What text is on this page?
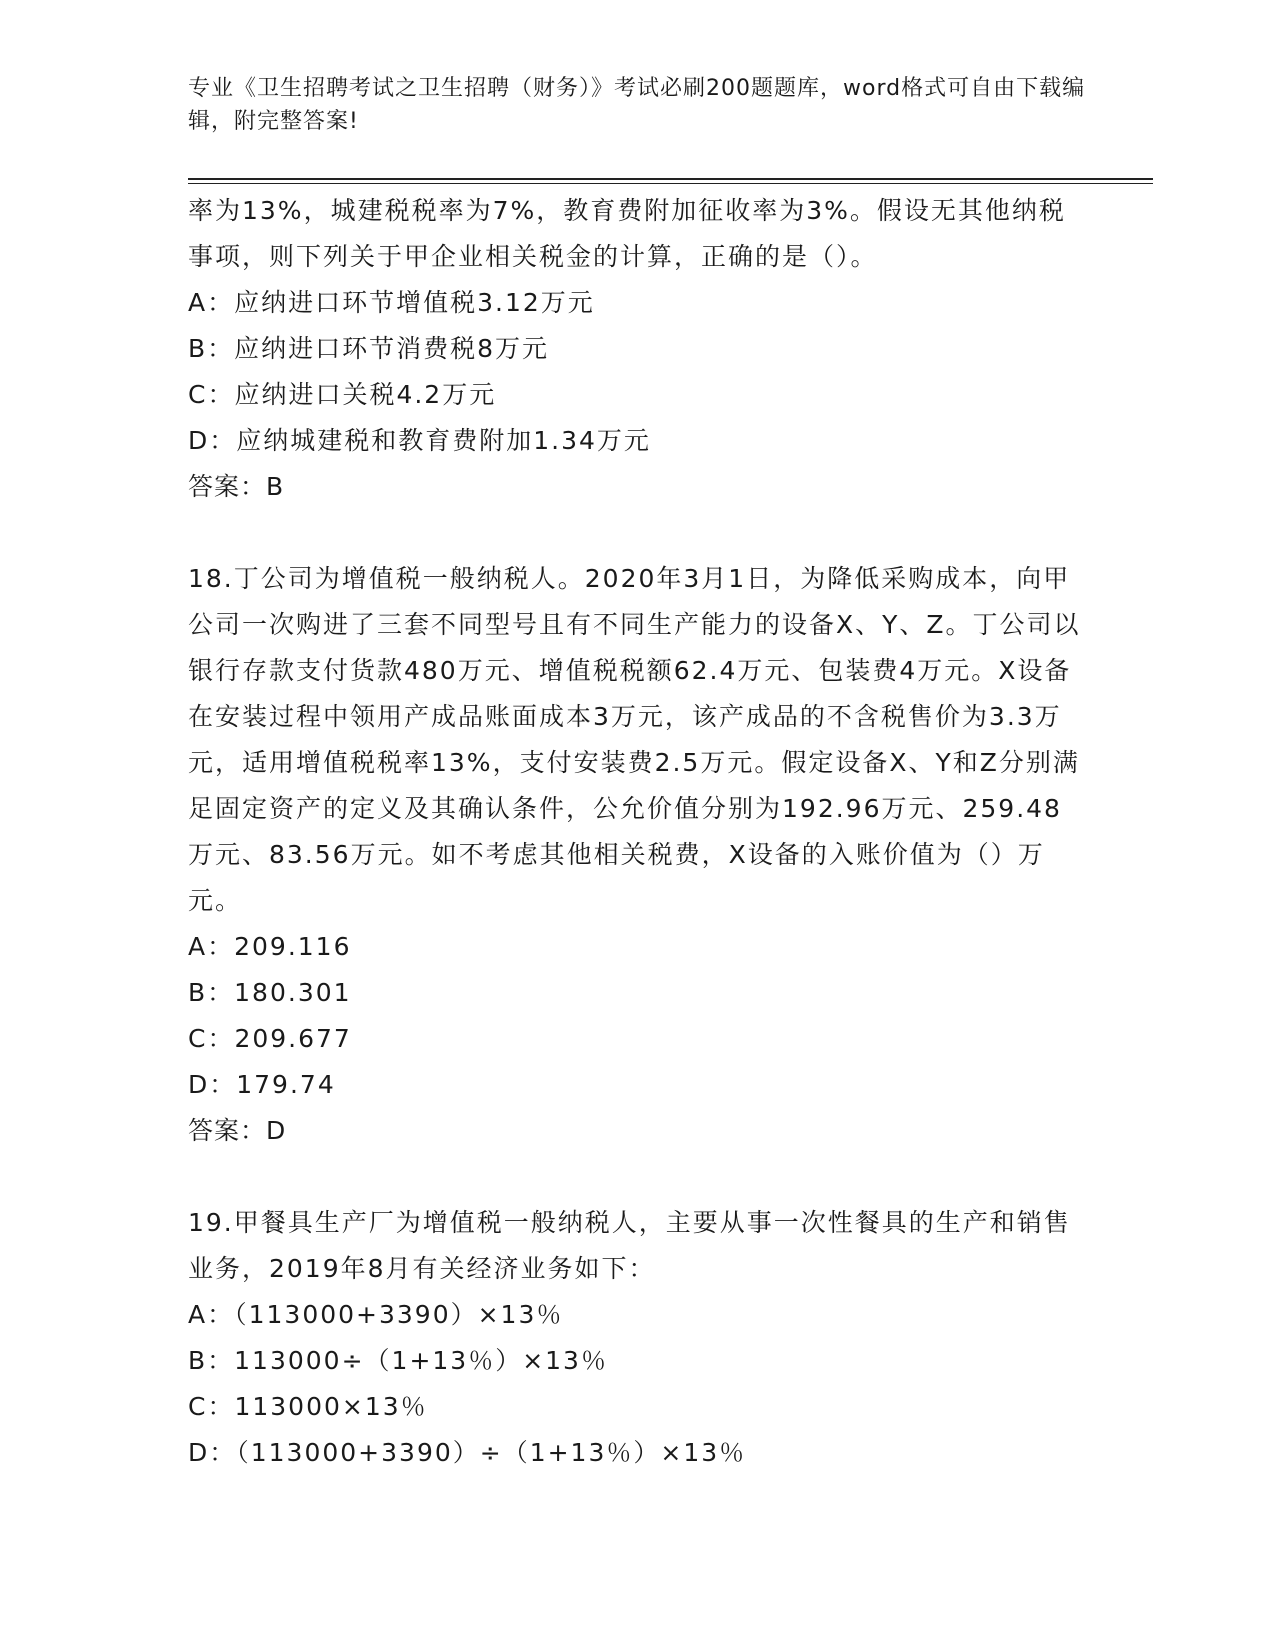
专业《卫生招聘考试之卫生招聘（财务）》考试必刷200题题库，word格式可自由下载编辑，附完整答案!

率为13%，城建税税率为7%，教育费附加征收率为3%。假设无其他纳税事项，则下列关于甲企业相关税金的计算，正确的是（）。

A：应纳进口环节增值税3.12万元

B：应纳进口环节消费税8万元

C：应纳进口关税4.2万元

D：应纳城建税和教育费附加1.34万元

答案：B

18.丁公司为增值税一般纳税人。2020年3月1日，为降低采购成本，向甲公司一次购进了三套不同型号且有不同生产能力的设备X、Y、Z。丁公司以银行存款支付货款480万元、增值税税额62.4万元、包装费4万元。X设备在安装过程中领用产成品账面成本3万元，该产成品的不含税售价为3.3万元，适用增值税税率13%，支付安装费2.5万元。假定设备X、Y和Z分别满足固定资产的定义及其确认条件，公允价值分别为192.96万元、259.48万元、83.56万元。如不考虑其他相关税费，X设备的入账价值为（）万元。

A：209.116

B：180.301

C：209.677

D：179.74

答案：D

19.甲餐具生产厂为增值税一般纳税人，主要从事一次性餐具的生产和销售业务，2019年8月有关经济业务如下：

A：（113000+3390）×13％

B：113000÷（1+13％）×13％

C：113000×13％

D：（113000+3390）÷（1+13％）×13％
